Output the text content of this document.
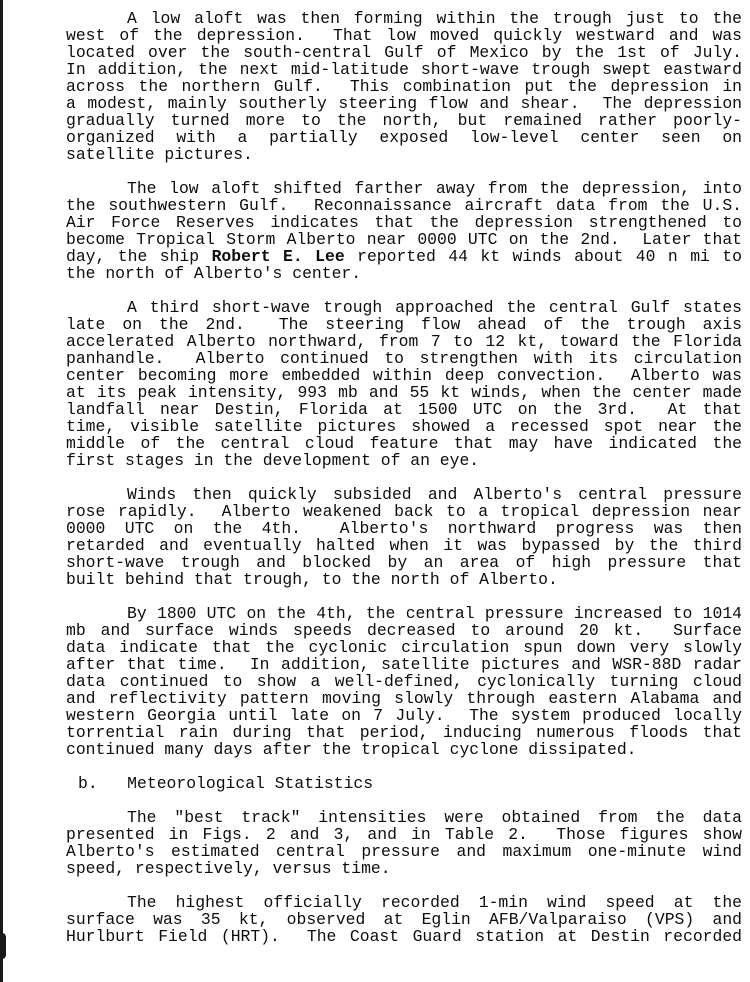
A low aloft was then forming within the trough just to the
west of the depression.  That low moved quickly westward and was
located over the south-central Gulf of Mexico by the 1st of July.
In addition, the next mid-latitude short-wave trough swept eastward
across the northern Gulf.  This combination put the depression in
a modest, mainly southerly steering flow and shear.  The depression
gradually turned more to the north, but remained rather poorly-
organized with a partially exposed low-level center seen on
satellite pictures.
The low aloft shifted farther away from the depression, into
the southwestern Gulf.  Reconnaissance aircraft data from the U.S.
Air Force Reserves indicates that the depression strengthened to
become Tropical Storm Alberto near 0000 UTC on the 2nd.  Later that
day, the ship Robert E. Lee reported 44 kt winds about 40 n mi to
the north of Alberto's center.
A third short-wave trough approached the central Gulf states
late on the 2nd.  The steering flow ahead of the trough axis
accelerated Alberto northward, from 7 to 12 kt, toward the Florida
panhandle.  Alberto continued to strengthen with its circulation
center becoming more embedded within deep convection.  Alberto was
at its peak intensity, 993 mb and 55 kt winds, when the center made
landfall near Destin, Florida at 1500 UTC on the 3rd.  At that
time, visible satellite pictures showed a recessed spot near the
middle of the central cloud feature that may have indicated the
first stages in the development of an eye.
Winds then quickly subsided and Alberto's central pressure
rose rapidly.  Alberto weakened back to a tropical depression near
0000 UTC on the 4th.  Alberto's northward progress was then
retarded and eventually halted when it was bypassed by the third
short-wave trough and blocked by an area of high pressure that
built behind that trough, to the north of Alberto.
By 1800 UTC on the 4th, the central pressure increased to 1014
mb and surface winds speeds decreased to around 20 kt.  Surface
data indicate that the cyclonic circulation spun down very slowly
after that time.  In addition, satellite pictures and WSR-88D radar
data continued to show a well-defined, cyclonically turning cloud
and reflectivity pattern moving slowly through eastern Alabama and
western Georgia until late on 7 July.  The system produced locally
torrential rain during that period, inducing numerous floods that
continued many days after the tropical cyclone dissipated.
b.   Meteorological Statistics
The "best track" intensities were obtained from the data
presented in Figs. 2 and 3, and in Table 2.  Those figures show
Alberto's estimated central pressure and maximum one-minute wind
speed, respectively, versus time.
The highest officially recorded 1-min wind speed at the
surface was 35 kt, observed at Eglin AFB/Valparaiso (VPS) and
Hurlburt Field (HRT).  The Coast Guard station at Destin recorded
